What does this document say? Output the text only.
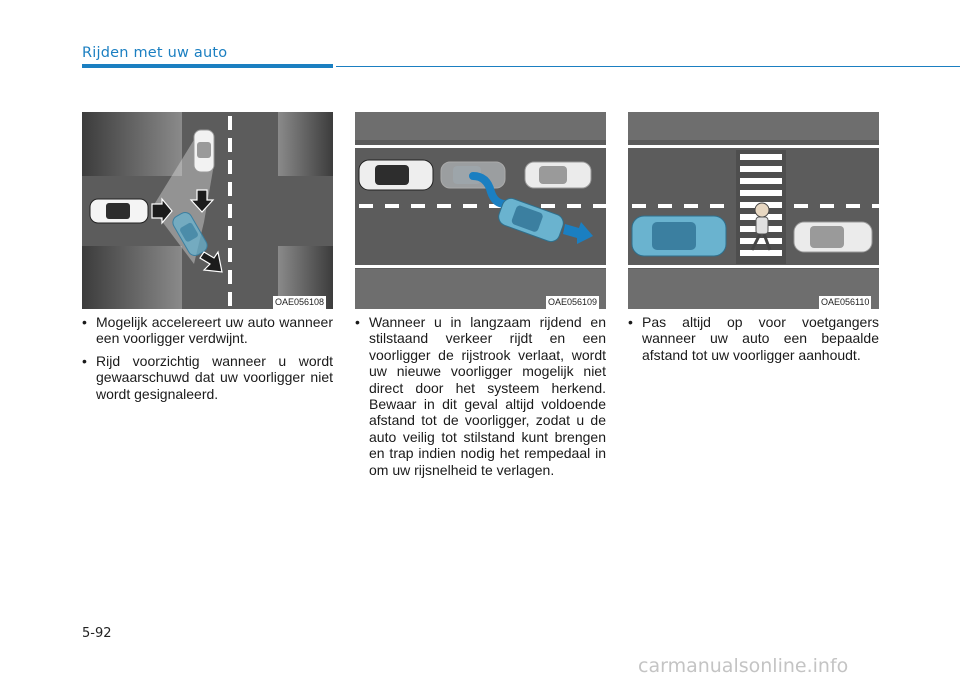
Rijden met uw auto
OAE056108	OAE056109	OAE056110

• Mogelijk accelereert uw auto wanneer een voorligger verdwijnt.

• Rijd voorzichtig wanneer u wordt gewaarschuwd dat uw voorligger niet wordt gesignaleerd.

• Wanneer u in langzaam rijdend en stilstaand verkeer rijdt en een voorligger de rijstrook verlaat, wordt uw nieuwe voorligger mogelijk niet direct door het systeem herkend. Bewaar in dit geval altijd voldoende afstand tot de voorligger, zodat u de auto veilig tot stilstand kunt brengen en trap indien nodig het rempedaal in om uw rijsnelheid te verlagen.

• Pas altijd op voor voetgangers wanneer uw auto een bepaalde afstand tot uw voorligger aanhoudt.

5-92
carmanualsonline.info
